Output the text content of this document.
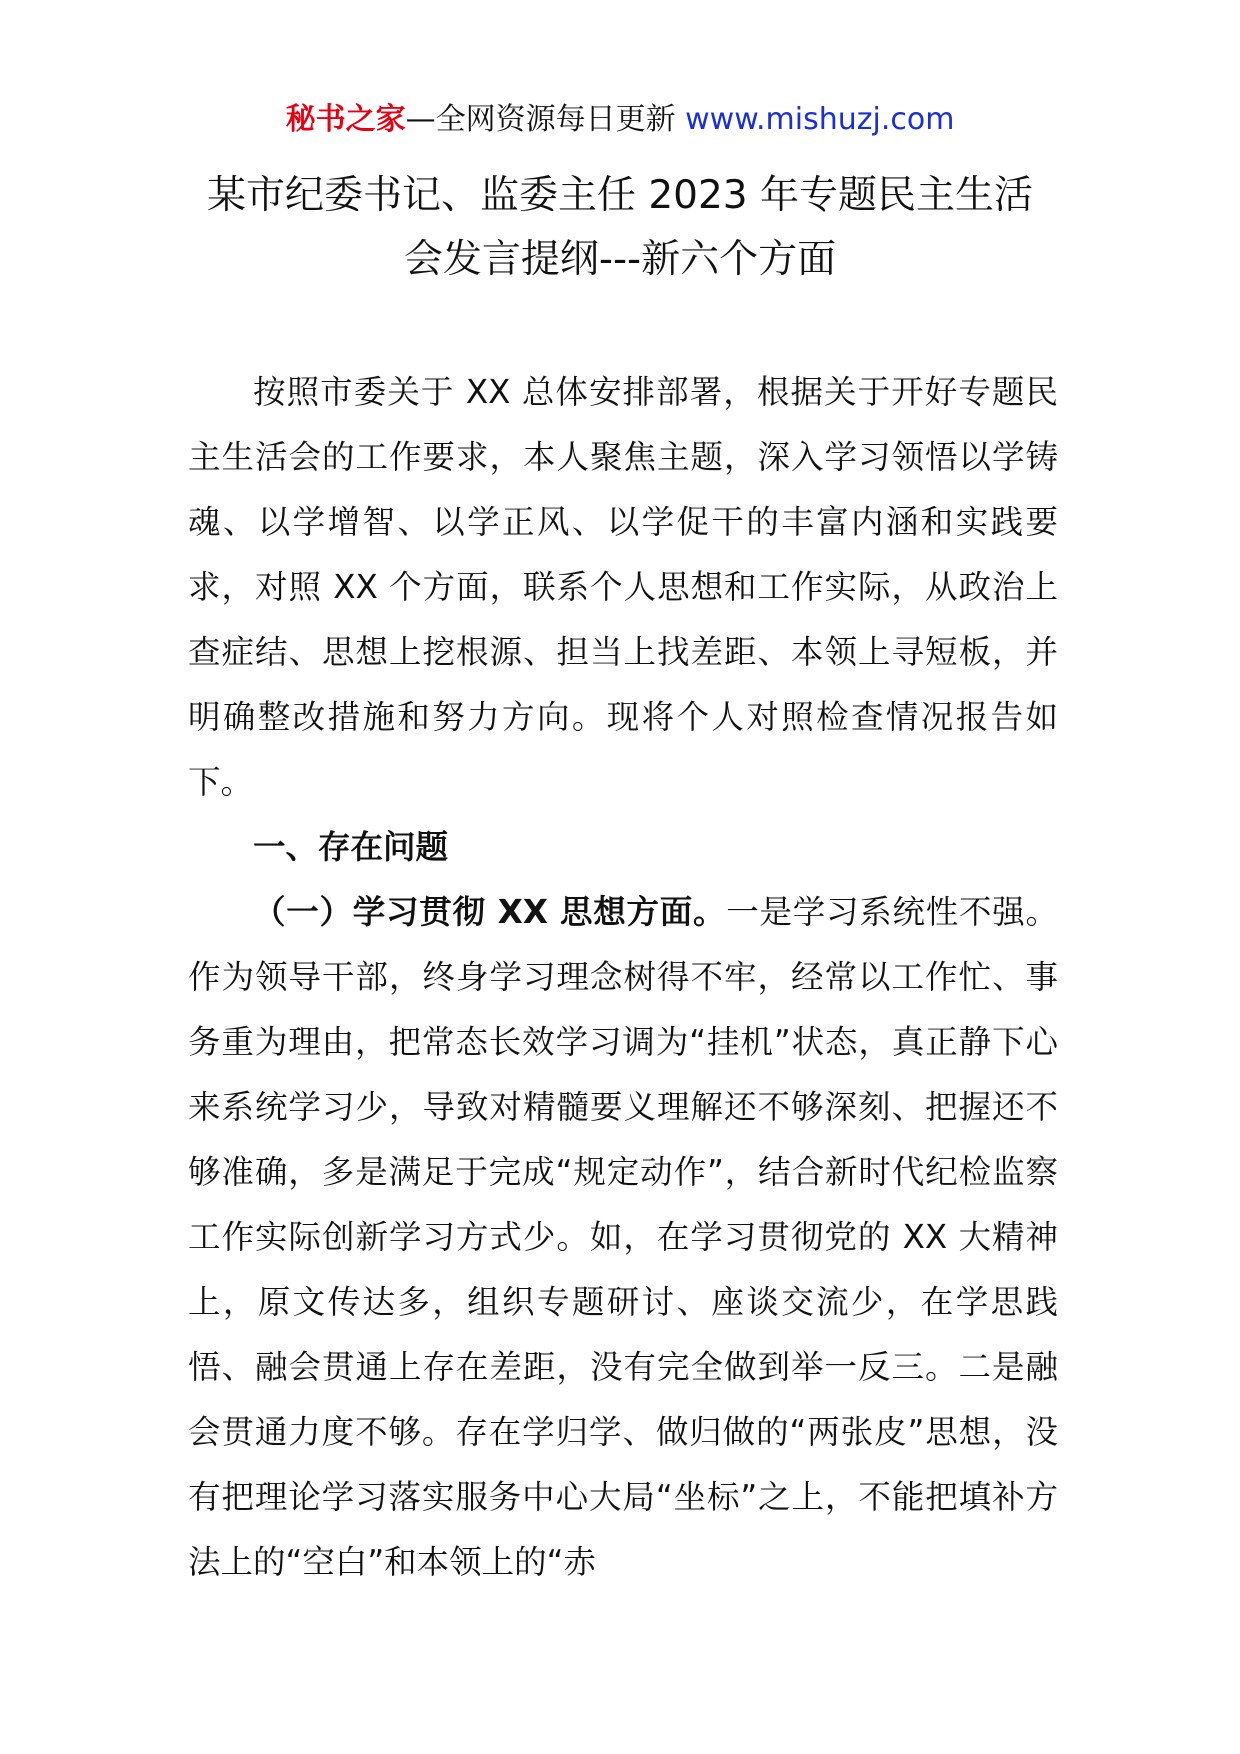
秘书之家—全网资源每日更新 www.mishuzj.com
某市纪委书记、监委主任 2023 年专题民主生活
会发言提纲---新六个方面

按照市委关于 XX 总体安排部署，根据关于开好专题民主生活会的工作要求，本人聚焦主题，深入学习领悟以学铸魂、以学增智、以学正风、以学促干的丰富内涵和实践要求，对照 XX 个方面，联系个人思想和工作实际，从政治上查症结、思想上挖根源、担当上找差距、本领上寻短板，并明确整改措施和努力方向。现将个人对照检查情况报告如下。

一、存在问题

（一）学习贯彻 XX 思想方面。一是学习系统性不强。作为领导干部，终身学习理念树得不牢，经常以工作忙、事务重为理由，把常态长效学习调为“挂机”状态，真正静下心来系统学习少，导致对精髓要义理解还不够深刻、把握还不够准确，多是满足于完成“规定动作”，结合新时代纪检监察工作实际创新学习方式少。如，在学习贯彻党的 XX 大精神上，原文传达多，组织专题研讨、座谈交流少，在学思践悟、融会贯通上存在差距，没有完全做到举一反三。二是融会贯通力度不够。存在学归学、做归做的“两张皮”思想，没有把理论学习落实服务中心大局“坐标”之上，不能把填补方法上的“空白”和本领上的“赤
